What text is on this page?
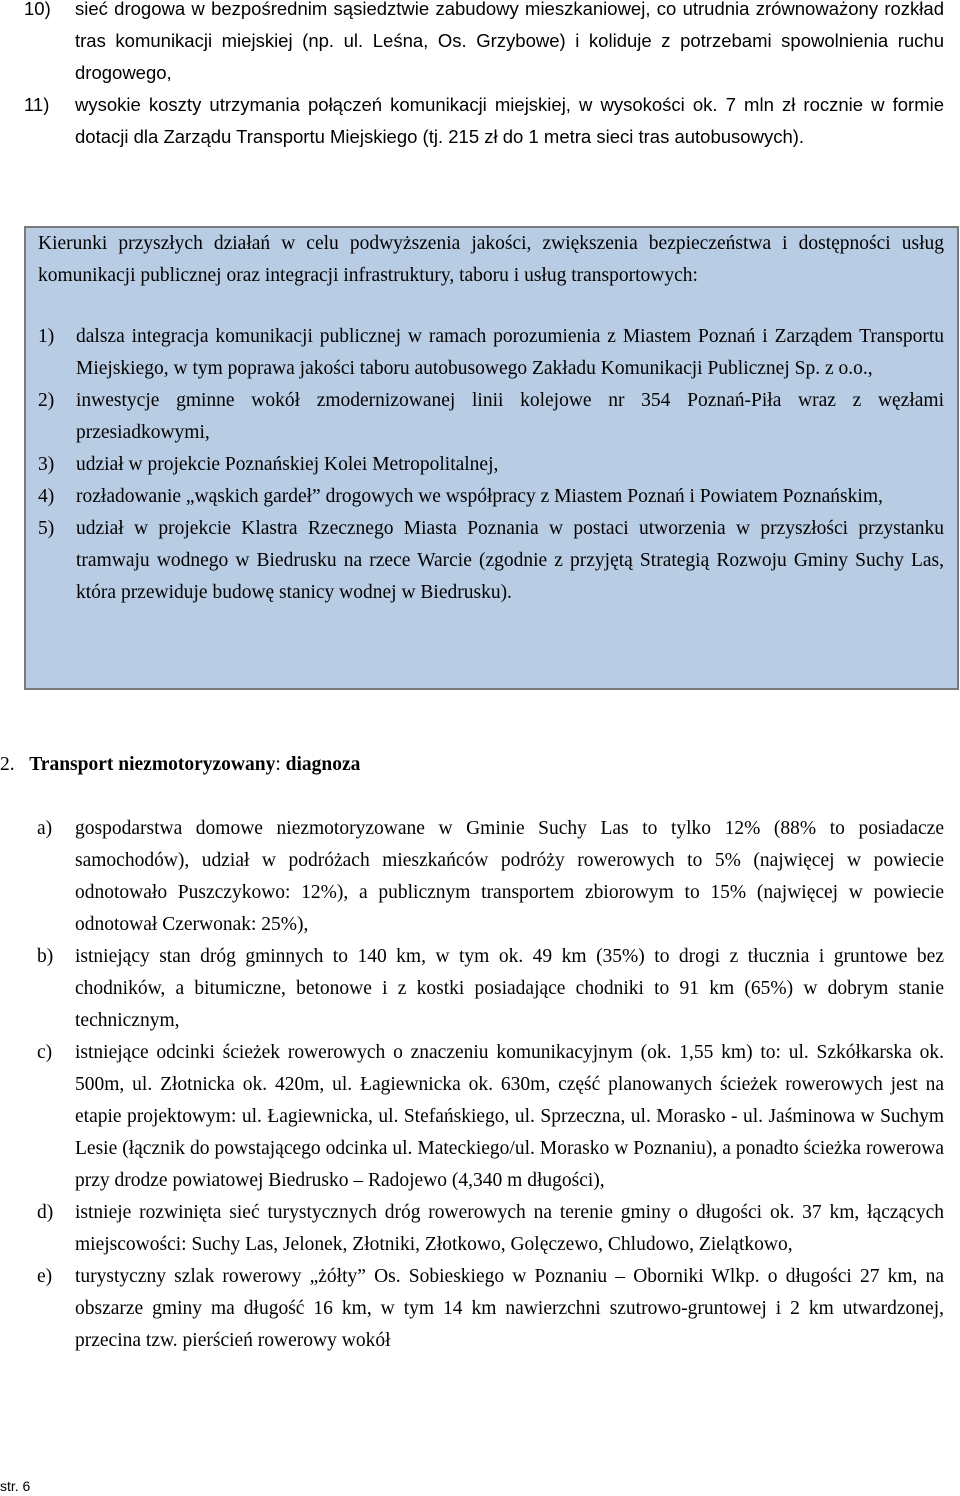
10)	sieć drogowa w bezpośrednim sąsiedztwie zabudowy mieszkaniowej, co utrudnia zrównoważony rozkład tras komunikacji miejskiej (np. ul. Leśna, Os. Grzybowe) i koliduje z potrzebami spowolnienia ruchu drogowego,
11)	wysokie koszty utrzymania połączeń komunikacji miejskiej, w wysokości ok. 7 mln zł rocznie w formie dotacji dla Zarządu Transportu Miejskiego (tj. 215 zł do 1 metra sieci tras autobusowych).

Kierunki przyszłych działań w celu podwyższenia jakości, zwiększenia bezpieczeństwa i dostępności usług komunikacji publicznej oraz integracji infrastruktury, taboru i usług transportowych:

1)	dalsza integracja komunikacji publicznej w ramach porozumienia z Miastem Poznań i Zarządem Transportu Miejskiego, w tym poprawa jakości taboru autobusowego Zakładu Komunikacji Publicznej Sp. z o.o.,
2)	inwestycje gminne wokół zmodernizowanej linii kolejowe nr 354 Poznań-Piła wraz z węzłami przesiadkowymi,
3)	udział w projekcie Poznańskiej Kolei Metropolitalnej,
4)	rozładowanie „wąskich gardeł” drogowych we współpracy z Miastem Poznań i Powiatem Poznańskim,
5)	udział w projekcie Klastra Rzecznego Miasta Poznania w postaci utworzenia w przyszłości przystanku tramwaju wodnego w Biedrusku na rzece Warcie (zgodnie z przyjętą Strategią Rozwoju Gminy Suchy Las, która przewiduje budowę stanicy wodnej w Biedrusku).
2. Transport niezmotoryzowany: diagnoza
a)	gospodarstwa domowe niezmotoryzowane w Gminie Suchy Las to tylko 12% (88% to posiadacze samochodów), udział w podróżach mieszkańców podróży rowerowych to 5% (najwięcej w powiecie odnotowało Puszczykowo: 12%), a publicznym transportem zbiorowym to 15% (najwięcej w powiecie odnotował Czerwonak: 25%),
b)	istniejący stan dróg gminnych to 140 km, w tym ok. 49 km (35%) to drogi z tłucznia i gruntowe bez chodników, a bitumiczne, betonowe i z kostki posiadające chodniki to 91 km (65%) w dobrym stanie technicznym,
c)	istniejące odcinki ścieżek rowerowych o znaczeniu komunikacyjnym (ok. 1,55 km) to: ul. Szkółkarska ok. 500m, ul. Złotnicka ok. 420m, ul. Łagiewnicka ok. 630m, część planowanych ścieżek rowerowych jest na etapie projektowym: ul. Łagiewnicka, ul. Stefańskiego, ul. Sprzeczna, ul. Morasko - ul. Jaśminowa w Suchym Lesie (łącznik do powstającego odcinka ul. Mateckiego/ul. Morasko w Poznaniu), a ponadto ścieżka rowerowa przy drodze powiatowej Biedrusko – Radojewo (4,340 m długości),
d)	istnieje rozwinięta sieć turystycznych dróg rowerowych na terenie gminy o długości ok. 37 km, łączących miejscowości: Suchy Las, Jelonek, Złotniki, Złotkowo, Golęczewo, Chludowo, Zielątkowo,
e)	turystyczny szlak rowerowy „żółty” Os. Sobieskiego w Poznaniu – Oborniki Wlkp. o długości 27 km, na obszarze gminy ma długość 16 km, w tym 14 km nawierzchni szutrowo-gruntowej i 2 km utwardzonej, przecina tzw. pierścień rowerowy wokół
str. 6
